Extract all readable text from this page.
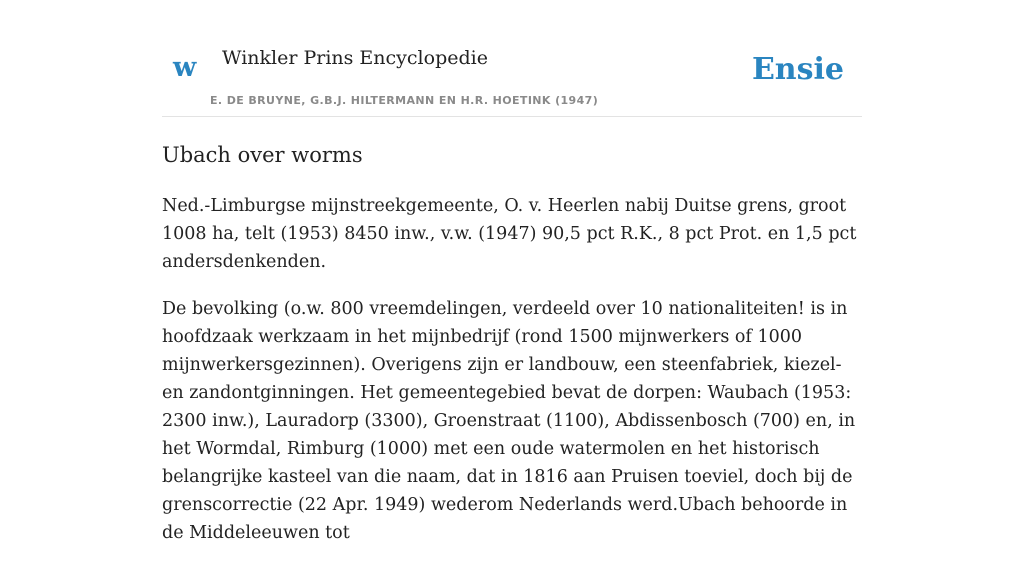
w Winkler Prins Encyclopedie
E. DE BRUYNE, G.B.J. HILTERMANN EN H.R. HOETINK (1947)
Ensie
Ubach over worms

Ned.-Limburgse mijnstreekgemeente, O. v. Heerlen nabij Duitse grens, groot 1008 ha, telt (1953) 8450 inw., v.w. (1947) 90,5 pct R.K., 8 pct Prot. en 1,5 pct andersdenkenden.

De bevolking (o.w. 800 vreemdelingen, verdeeld over 10 nationaliteiten! is in hoofdzaak werkzaam in het mijnbedrijf (rond 1500 mijnwerkers of 1000 mijnwerkersgezinnen). Overigens zijn er landbouw, een steenfabriek, kiezel- en zandontginningen. Het gemeentegebied bevat de dorpen: Waubach (1953: 2300 inw.), Lauradorp (3300), Groenstraat (1100), Abdissenbosch (700) en, in het Wormdal, Rimburg (1000) met een oude watermolen en het historisch belangrijke kasteel van die naam, dat in 1816 aan Pruisen toeviel, doch bij de grenscorrectie (22 Apr. 1949) wederom Nederlands werd.Ubach behoorde in de Middeleeuwen tot
